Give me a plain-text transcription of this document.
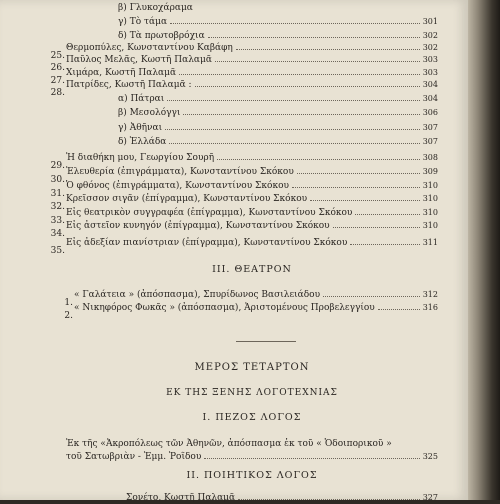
β) Γλυκοχάραμα
γ) Τὸ τάμα	301
δ) Τὰ πρωτοβρόχια	302
25.
Θερμοπύλες, Κωνσταντίνου Καβάφη	302
26.
Παῦλος Μελᾶς, Κωστῆ Παλαμᾶ	303
27.
Χιμάρα, Κωστῆ Παλαμᾶ	303
28.
Πατρίδες, Κωστῆ Παλαμᾶ :	304
α) Πάτραι	304
β) Μεσολόγγι	306
γ) Ἀθῆναι	307
δ) Ἑλλάδα	307
29.
Ἡ διαθήκη μου, Γεωργίου Σουρῆ	308
30.
Ἐλευθερία (ἐπιγράμματα), Κωνσταντίνου Σκόκου	309
31.
Ὁ φθόνος (ἐπιγράμματα), Κωνσταντίνου Σκόκου	310
32.
Κρεῖσσον σιγᾶν (ἐπίγραμμα), Κωνσταντίνου Σκόκου	310
33.
Εἰς θεατρικὸν συγγραφέα (ἐπίγραμμα), Κωνσταντίνου Σκόκου	310
34.
Εἰς ἀστεῖον κυνηγόν (ἐπίγραμμα), Κωνσταντίνου Σκόκου	310
35.
Εἰς ἀδεξίαν πιανίστριαν (ἐπίγραμμα), Κωνσταντίνου Σκόκου	311
ΙΙΙ. ΘΕΑΤΡΟΝ
1.
« Γαλάτεια » (ἀπόσπασμα), Σπυρίδωνος Βασιλειάδου	312
2.
« Νικηφόρος Φωκᾶς » (ἀπόσπασμα), Ἀριστομένους Προβελεγγίου	316
ΜΕΡΟΣ ΤΕΤΑΡΤΟΝ
ΕΚ ΤΗΣ ΞΕΝΗΣ ΛΟΓΟΤΕΧΝΙΑΣ
Ι. ΠΕΖΟΣ ΛΟΓΟΣ
Ἐκ τῆς «Ἀκροπόλεως τῶν Ἀθηνῶν, ἀπόσπασμα ἐκ τοῦ « Ὁδοιπορικοῦ »
τοῦ Σατωβριὰν - Ἐμμ. Ῥοΐδου	325
ΙΙ. ΠΟΙΗΤΙΚΟΣ ΛΟΓΟΣ
Σονέτο, Κωστῆ Παλαμᾶ	327
